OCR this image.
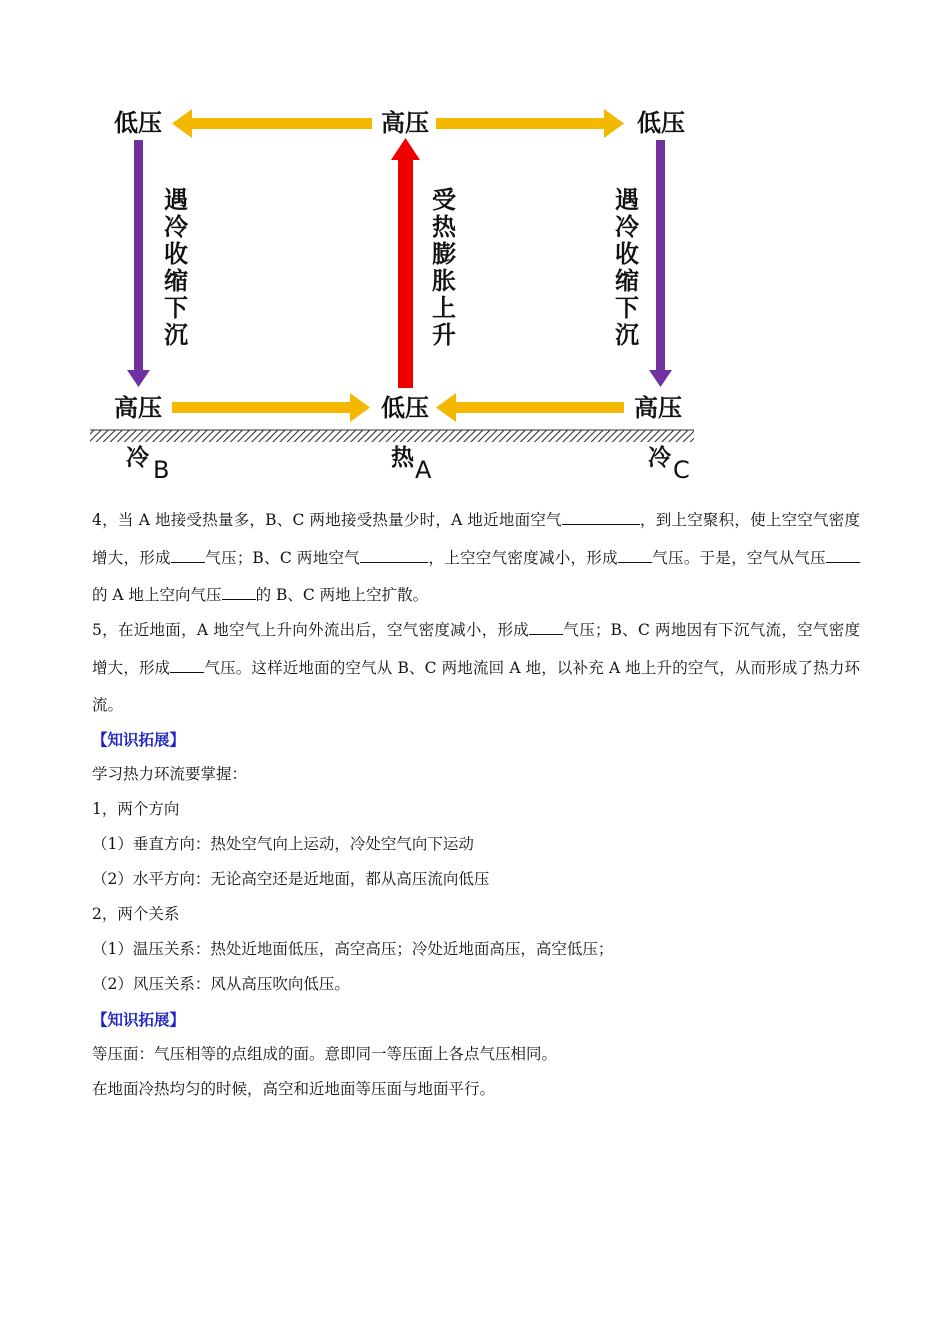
低压	高压	低压
高压	低压	高压
遇
冷
收
缩
下
沉
受
热
膨
胀
上
升
遇
冷
收
缩
下
沉
冷 B	热 A	冷 C

4，当 A 地接受热量多，B、C 两地接受热量少时，A 地近地面空气	，到上空聚积，使上空空气密度增大，形成 气压；B、C 两地空气	，上空空气密度减小，形成 气压。于是，空气从气压的 A 地上空向气压 的 B、C 两地上空扩散。

5，在近地面，A 地空气上升向外流出后，空气密度减小，形成 气压；B、C 两地因有下沉气流，空气密度增大，形成 气压。这样近地面的空气从 B、C 两地流回 A 地，以补充 A 地上升的空气，从而形成了热力环流。

【知识拓展】

学习热力环流要掌握：

1，两个方向

（1）垂直方向：热处空气向上运动，冷处空气向下运动

（2）水平方向：无论高空还是近地面，都从高压流向低压

2，两个关系

（1）温压关系：热处近地面低压，高空高压；冷处近地面高压，高空低压；

（2）风压关系：风从高压吹向低压。

【知识拓展】

等压面：气压相等的点组成的面。意即同一等压面上各点气压相同。

在地面冷热均匀的时候，高空和近地面等压面与地面平行。
